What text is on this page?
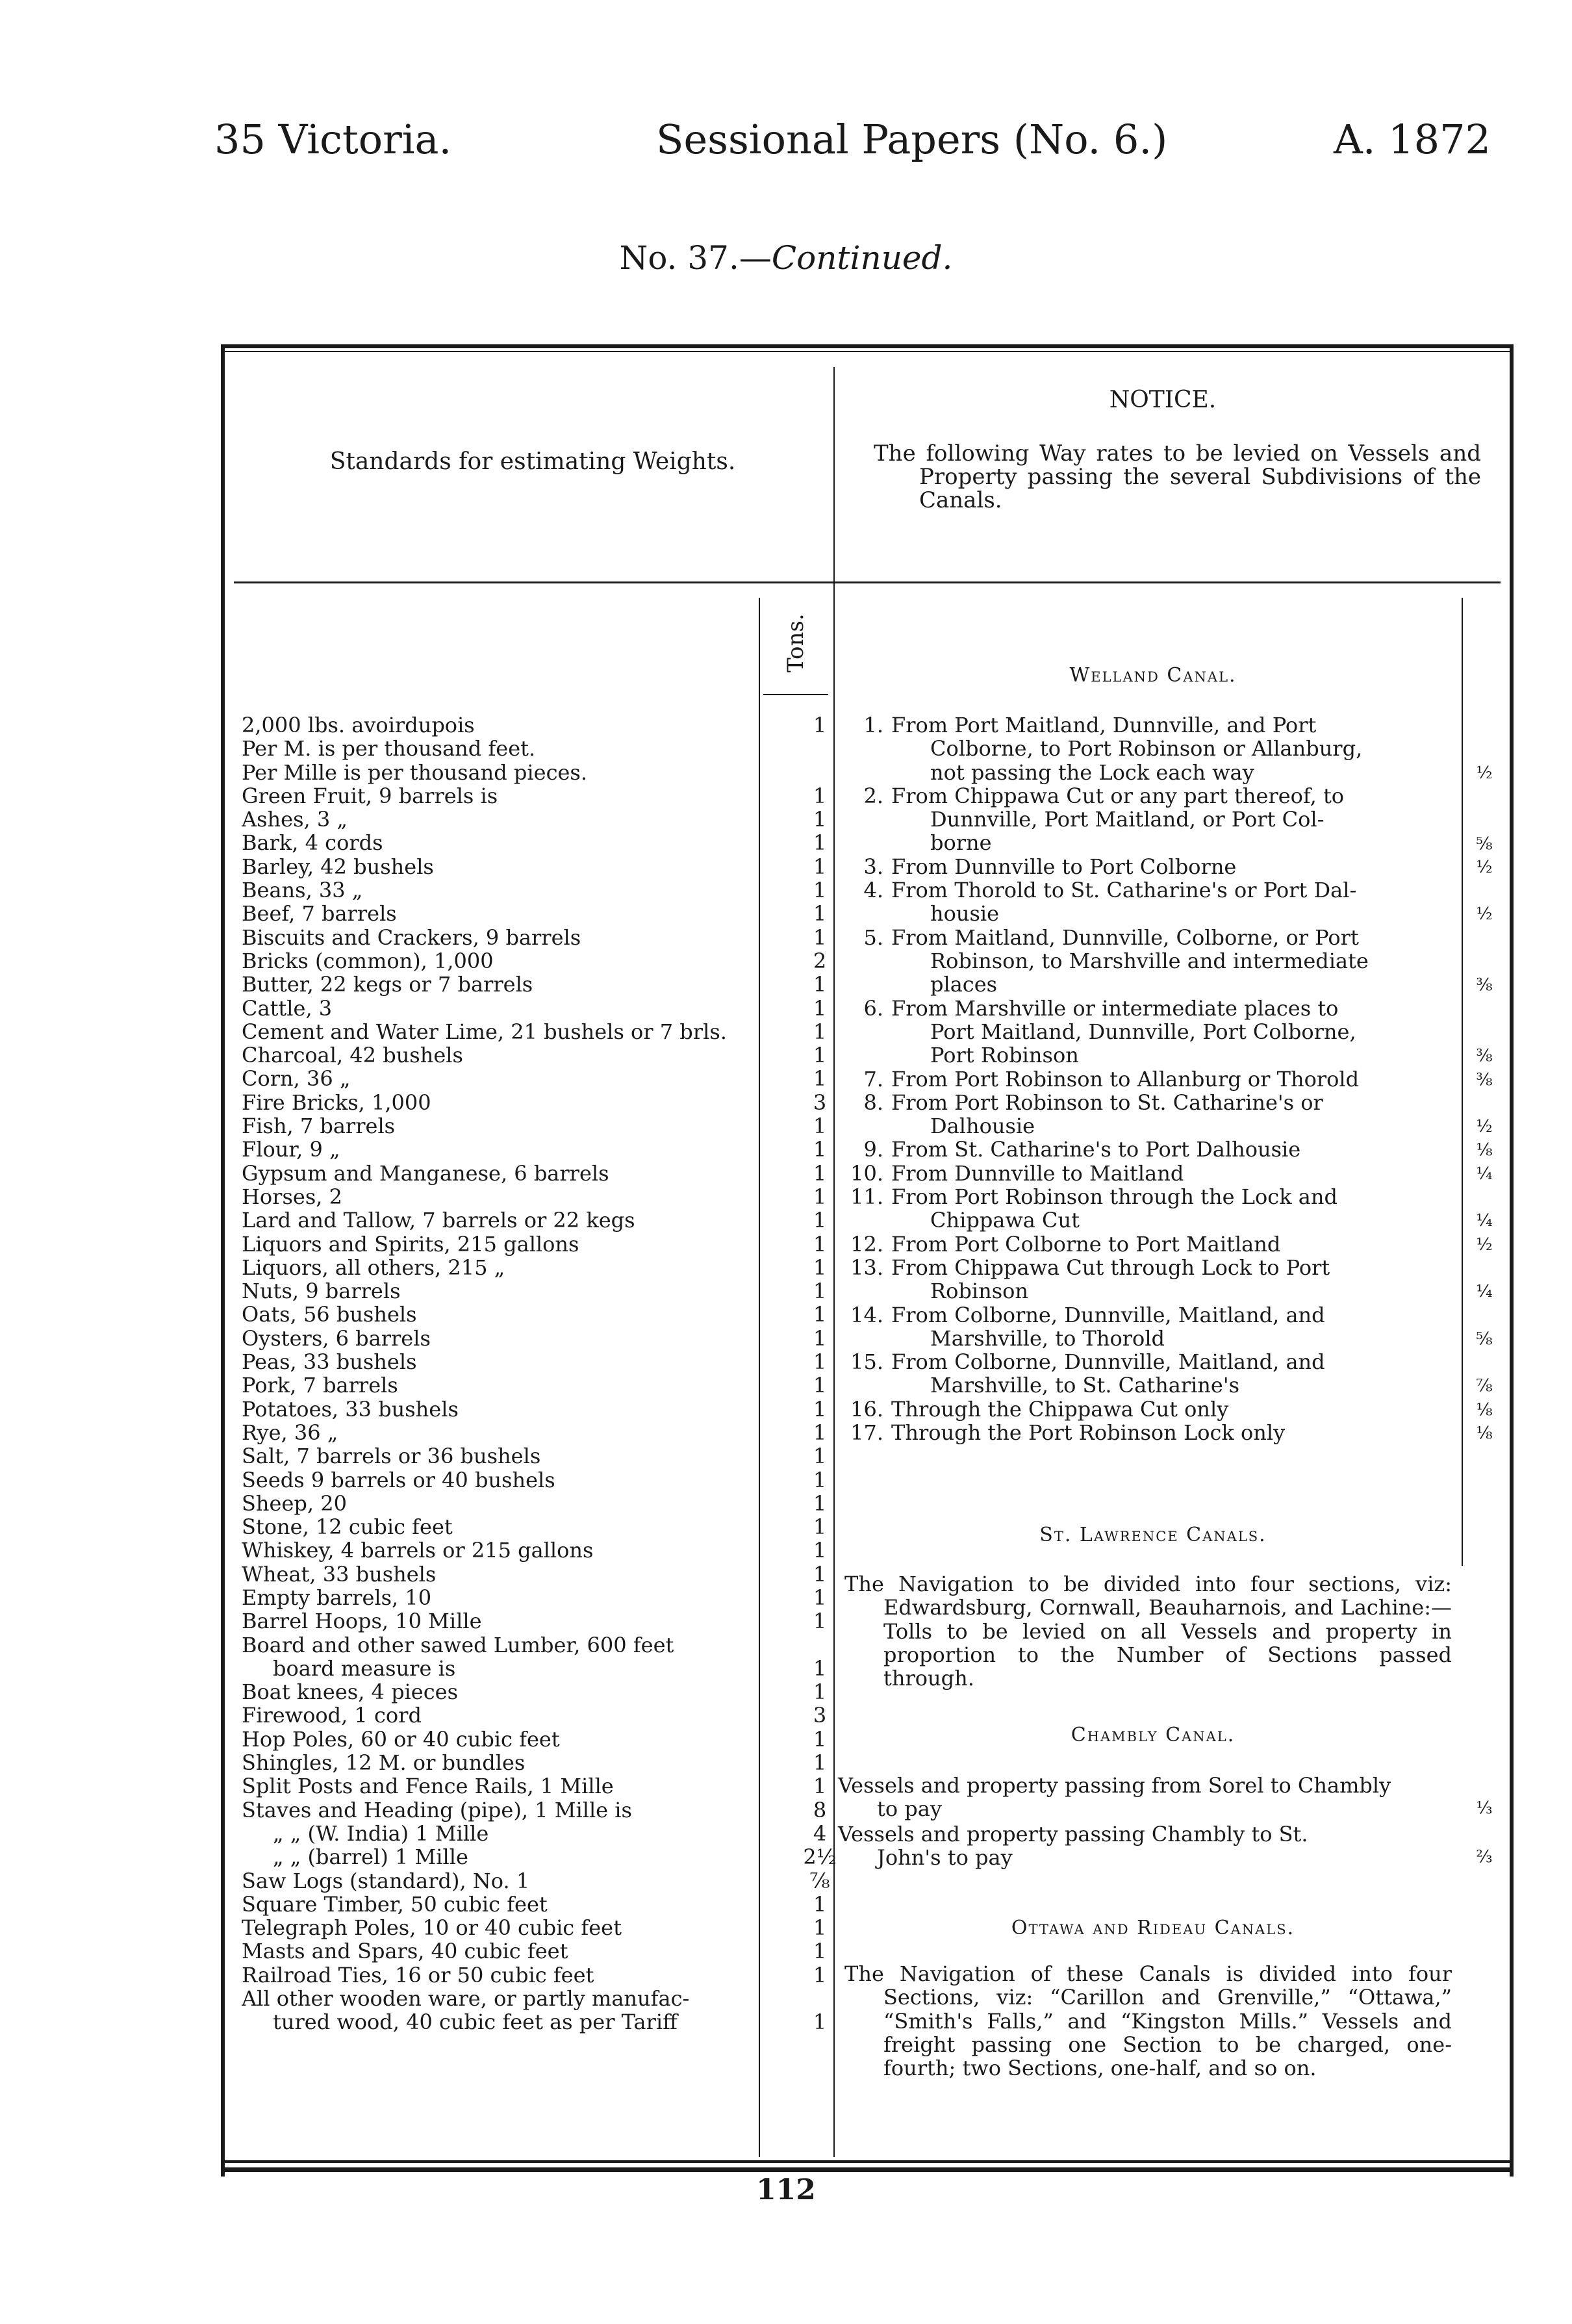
35 Victoria.	Sessional Papers (No. 6.)	A. 1872
No. 37.—Continued.
Standards for estimating Weights.
Tons.
2,000 lbs. avoirdupois	1
Per M. is per thousand feet.
Per Mille is per thousand pieces.
Green Fruit, 9 barrels is	1
Ashes, 3 „	1
Bark, 4 cords	1
Barley, 42 bushels	1
Beans, 33 „	1
Beef, 7 barrels	1
Biscuits and Crackers, 9 barrels	1
Bricks (common), 1,000	2
Butter, 22 kegs or 7 barrels	1
Cattle, 3	1
Cement and Water Lime, 21 bushels or 7 brls.	1
Charcoal, 42 bushels	1
Corn, 36 „	1
Fire Bricks, 1,000	3
Fish, 7 barrels	1
Flour, 9 „	1
Gypsum and Manganese, 6 barrels	1
Horses, 2	1
Lard and Tallow, 7 barrels or 22 kegs	1
Liquors and Spirits, 215 gallons	1
Liquors, all others, 215 „	1
Nuts, 9 barrels	1
Oats, 56 bushels	1
Oysters, 6 barrels	1
Peas, 33 bushels	1
Pork, 7 barrels	1
Potatoes, 33 bushels	1
Rye, 36 „	1
Salt, 7 barrels or 36 bushels	1
Seeds 9 barrels or 40 bushels	1
Sheep, 20	1
Stone, 12 cubic feet	1
Whiskey, 4 barrels or 215 gallons	1
Wheat, 33 bushels	1
Empty barrels, 10	1
Barrel Hoops, 10 Mille	1
Board and other sawed Lumber, 600 feet
board measure is	1
Boat knees, 4 pieces	1
Firewood, 1 cord	3
Hop Poles, 60 or 40 cubic feet	1
Shingles, 12 M. or bundles	1
Split Posts and Fence Rails, 1 Mille	1
Staves and Heading (pipe), 1 Mille is	8
„ „ (W. India) 1 Mille	4
„ „ (barrel) 1 Mille	2½
Saw Logs (standard), No. 1	⅞
Square Timber, 50 cubic feet	1
Telegraph Poles, 10 or 40 cubic feet	1
Masts and Spars, 40 cubic feet	1
Railroad Ties, 16 or 50 cubic feet	1
All other wooden ware, or partly manufac-
tured wood, 40 cubic feet as per Tariff	1
NOTICE.
The following Way rates to be levied on Vessels and Property passing the several Subdivisions of the Canals.
Welland Canal.
1. From Port Maitland, Dunnville, and Port
Colborne, to Port Robinson or Allanburg,
not passing the Lock each way	½
2. From Chippawa Cut or any part thereof, to
Dunnville, Port Maitland, or Port Col-
borne	⅝
3. From Dunnville to Port Colborne	½
4. From Thorold to St. Catharine's or Port Dal-
housie	½
5. From Maitland, Dunnville, Colborne, or Port
Robinson, to Marshville and intermediate
places	⅜
6. From Marshville or intermediate places to
Port Maitland, Dunnville, Port Colborne,
Port Robinson	⅜
7. From Port Robinson to Allanburg or Thorold	⅜
8. From Port Robinson to St. Catharine's or
Dalhousie	½
9. From St. Catharine's to Port Dalhousie	⅛
10. From Dunnville to Maitland	¼
11. From Port Robinson through the Lock and
Chippawa Cut	¼
12. From Port Colborne to Port Maitland	½
13. From Chippawa Cut through Lock to Port
Robinson	¼
14. From Colborne, Dunnville, Maitland, and
Marshville, to Thorold	⅝
15. From Colborne, Dunnville, Maitland, and
Marshville, to St. Catharine's	⅞
16. Through the Chippawa Cut only	⅛
17. Through the Port Robinson Lock only	⅛
St. Lawrence Canals.
The Navigation to be divided into four sections, viz: Edwardsburg, Cornwall, Beauharnois, and Lachine:—Tolls to be levied on all Vessels and property in proportion to the Number of Sections passed through.
Chambly Canal.
Vessels and property passing from Sorel to Chambly
to pay	⅓
Vessels and property passing Chambly to St.
John's to pay	⅔
Ottawa and Rideau Canals.
The Navigation of these Canals is divided into four Sections, viz: “Carillon and Grenville,” “Ottawa,” “Smith's Falls,” and “Kingston Mills.” Vessels and freight passing one Section to be charged, one-fourth; two Sections, one-half, and so on.
112
